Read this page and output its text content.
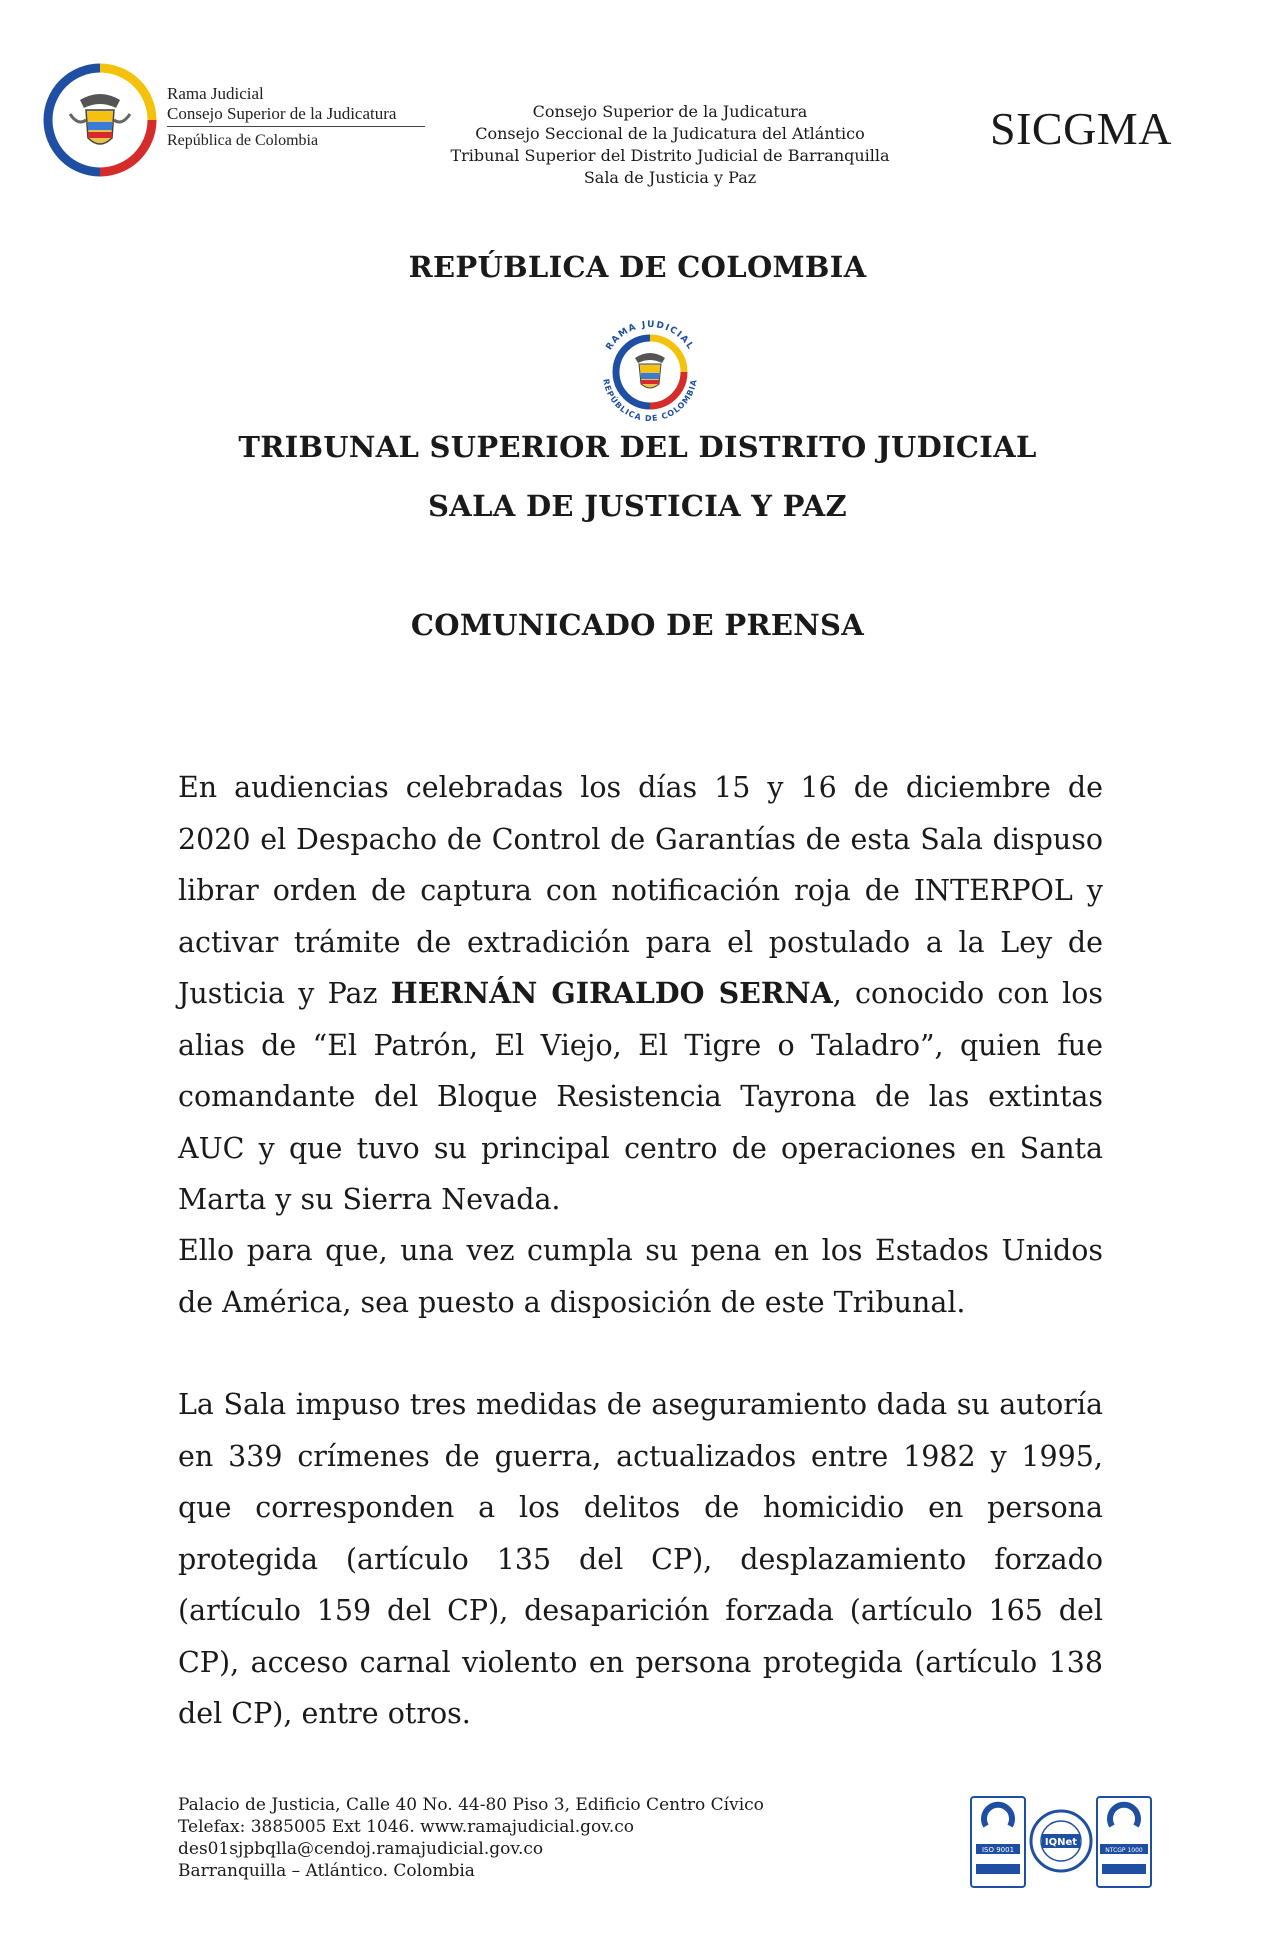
Rama Judicial
Consejo Superior de la Judicatura
República de Colombia
Consejo Superior de la Judicatura
Consejo Seccional de la Judicatura del Atlántico
Tribunal Superior del Distrito Judicial de Barranquilla
Sala de Justicia y Paz
SICGMA
REPÚBLICA DE COLOMBIA
RAMA JUDICIAL
REPÚBLICA DE COLOMBIA
TRIBUNAL SUPERIOR DEL DISTRITO JUDICIAL
SALA DE JUSTICIA Y PAZ
COMUNICADO DE PRENSA
En audiencias celebradas los días 15 y 16 de diciembre de 2020 el Despacho de Control de Garantías de esta Sala dispuso librar orden de captura con notificación roja de INTERPOL y activar trámite de extradición para el postulado a la Ley de Justicia y Paz HERNÁN GIRALDO SERNA, conocido con los alias de “El Patrón, El Viejo, El Tigre o Taladro”, quien fue comandante del Bloque Resistencia Tayrona de las extintas AUC y que tuvo su principal centro de operaciones en Santa Marta y su Sierra Nevada.
Ello para que, una vez cumpla su pena en los Estados Unidos de América, sea puesto a disposición de este Tribunal.
La Sala impuso tres medidas de aseguramiento dada su autoría en 339 crímenes de guerra, actualizados entre 1982 y 1995, que corresponden a los delitos de homicidio en persona protegida (artículo 135 del CP), desplazamiento forzado (artículo 159 del CP), desaparición forzada (artículo 165 del CP), acceso carnal violento en persona protegida (artículo 138 del CP), entre otros.
Palacio de Justicia, Calle 40 No. 44-80 Piso 3, Edificio Centro Cívico
Telefax: 3885005 Ext 1046. www.ramajudicial.gov.co
des01sjpbqlla@cendoj.ramajudicial.gov.co
Barranquilla – Atlántico. Colombia
ISO 9001
IQNet
NTCGP 1000
